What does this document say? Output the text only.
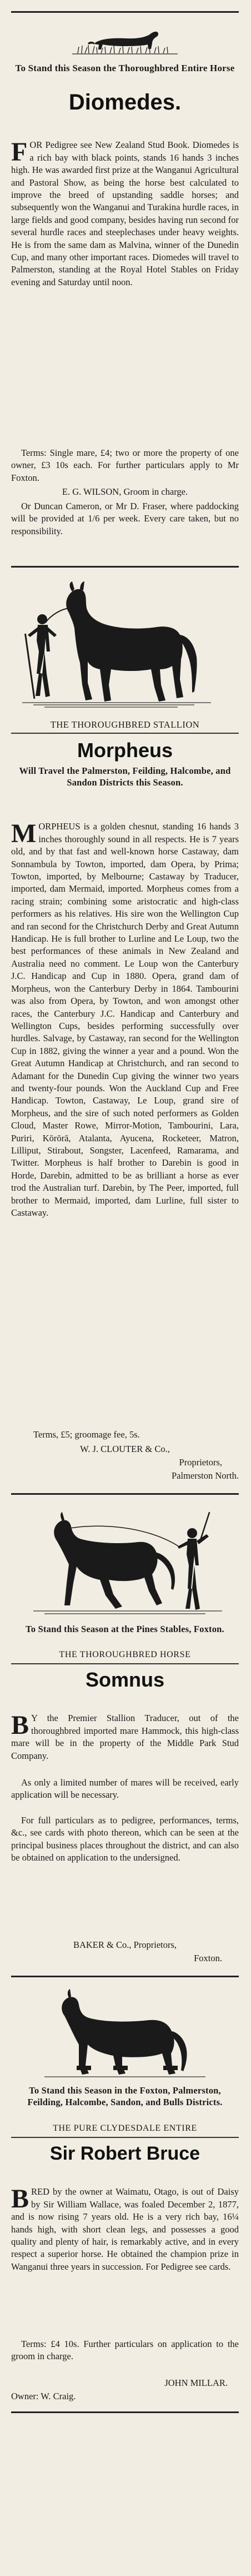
To Stand this Season the Thoroughbred Entire Horse
Diomedes.

FOR Pedigree see New Zealand Stud Book. Diomedes is a rich bay with black points, stands 16 hands 3 inches high. He was awarded first prize at the Wanganui Agricultural and Pastoral Show, as being the horse best calculated to improve the breed of upstanding saddle horses; and subsequently won the Wanganui and Turakina hurdle races, in large fields and good company, besides having run second for several hurdle races and steeplechases under heavy weights. He is from the same dam as Malvina, winner of the Dunedin Cup, and many other important races. Diomedes will travel to Palmerston, standing at the Royal Hotel Stables on Friday evening and Saturday until noon.

Terms: Single mare, £4; two or more the property of one owner, £3 10s each. For further particulars apply to Mr Foxton.
E. G. WILSON, Groom in charge.
Or Duncan Cameron, or Mr D. Fraser, where paddocking will be provided at 1/6 per week. Every care taken, but no responsibility.
THE THOROUGHBRED STALLION
Morpheus
Will Travel the Palmerston, Feilding, Halcombe, and Sandon Districts this Season.

MORPHEUS is a golden chesnut, standing 16 hands 3 inches thoroughly sound in all respects. He is 7 years old, and by that fast and well-known horse Castaway, dam Sonnambula by Towton, imported, dam Opera, by Prima; Towton, imported, by Melbourne; Castaway by Traducer, imported, dam Mermaid, imported. Morpheus comes from a racing strain; combining some aristocratic and high-class performers as his relatives. His sire won the Wellington Cup and ran second for the Christchurch Derby and Great Autumn Handicap. He is full brother to Lurline and Le Loup, two the best performances of these animals in New Zealand and Australia need no comment. Le Loup won the Canterbury J.C. Handicap and Cup in 1880. Opera, grand dam of Morpheus, won the Canterbury Derby in 1864. Tambourini was also from Opera, by Towton, and won amongst other races, the Canterbury J.C. Handicap and Canterbury and Wellington Cups, besides performing successfully over hurdles. Salvage, by Castaway, ran second for the Wellington Cup in 1882, giving the winner a year and a pound. Won the Great Autumn Handicap at Christchurch, and ran second to Adamant for the Dunedin Cup giving the winner two years and twenty-four pounds. Won the Auckland Cup and Free Handicap. Towton, Castaway, Le Loup, grand sire of Morpheus, and the sire of such noted performers as Golden Cloud, Master Rowe, Mirror-Motion, Tambourini, Lara, Puriri, Kōrōrā, Atalanta, Ayucena, Rocketeer, Matron, Lilliput, Stirabout, Songster, Lacenfeed, Ramarama, and Twitter. Morpheus is half brother to Darebin is good in Horde, Darebin, admitted to be as brilliant a horse as ever trod the Australian turf. Darebin, by The Peer, imported, full brother to Mermaid, imported, dam Lurline, full sister to Castaway.

Terms, £5; groomage fee, 5s.
W. J. CLOUTER & Co.,
Proprietors,
Palmerston North.
To Stand this Season at the Pines Stables, Foxton.
THE THOROUGHBRED HORSE
Somnus

B Y the Premier Stallion Traducer, out of the thoroughbred imported mare Hammock, this high-class mare will be in the property of the Middle Park Stud Company.

As only a limited number of mares will be received, early application will be necessary.
For full particulars as to pedigree, performances, terms, &c., see cards with photo thereon, which can be seen at the principal business places throughout the district, and can also be obtained on application to the undersigned.
BAKER & Co., Proprietors,
Foxton.
To Stand this Season in the Foxton, Palmerston, Feilding, Halcombe, Sandon, and Bulls Districts.
THE PURE CLYDESDALE ENTIRE
Sir Robert Bruce

BRED by the owner at Waimatu, Otago, is out of Daisy by Sir William Wallace, was foaled December 2, 1877, and is now rising 7 years old. He is a very rich bay, 16¼ hands high, with short clean legs, and possesses a good quality and plenty of hair, is remarkably active, and in every respect a superior horse. He obtained the champion prize in Wanganui three years in succession. For Pedigree see cards.

Terms: £4 10s. Further particulars on application to the groom in charge.
JOHN MILLAR.
Owner: W. Craig.
